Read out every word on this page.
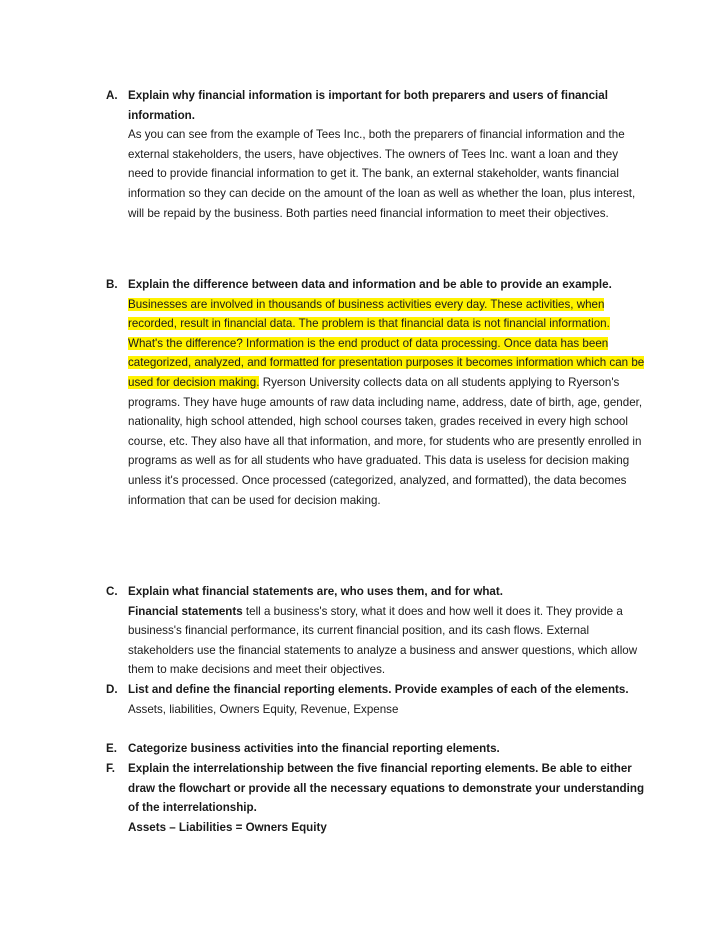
A. Explain why financial information is important for both preparers and users of financial information.
As you can see from the example of Tees Inc., both the preparers of financial information and the external stakeholders, the users, have objectives. The owners of Tees Inc. want a loan and they need to provide financial information to get it. The bank, an external stakeholder, wants financial information so they can decide on the amount of the loan as well as whether the loan, plus interest, will be repaid by the business. Both parties need financial information to meet their objectives.
B. Explain the difference between data and information and be able to provide an example.
Businesses are involved in thousands of business activities every day. These activities, when recorded, result in financial data. The problem is that financial data is not financial information. What's the difference? Information is the end product of data processing. Once data has been categorized, analyzed, and formatted for presentation purposes it becomes information which can be used for decision making. Ryerson University collects data on all students applying to Ryerson's programs. They have huge amounts of raw data including name, address, date of birth, age, gender, nationality, high school attended, high school courses taken, grades received in every high school course, etc. They also have all that information, and more, for students who are presently enrolled in programs as well as for all students who have graduated. This data is useless for decision making unless it's processed. Once processed (categorized, analyzed, and formatted), the data becomes information that can be used for decision making.
C. Explain what financial statements are, who uses them, and for what.
Financial statements tell a business's story, what it does and how well it does it. They provide a business's financial performance, its current financial position, and its cash flows. External stakeholders use the financial statements to analyze a business and answer questions, which allow them to make decisions and meet their objectives.
D. List and define the financial reporting elements. Provide examples of each of the elements.
Assets, liabilities, Owners Equity, Revenue, Expense
E. Categorize business activities into the financial reporting elements.
F. Explain the interrelationship between the five financial reporting elements. Be able to either draw the flowchart or provide all the necessary equations to demonstrate your understanding of the interrelationship.
Assets – Liabilities = Owners Equity
